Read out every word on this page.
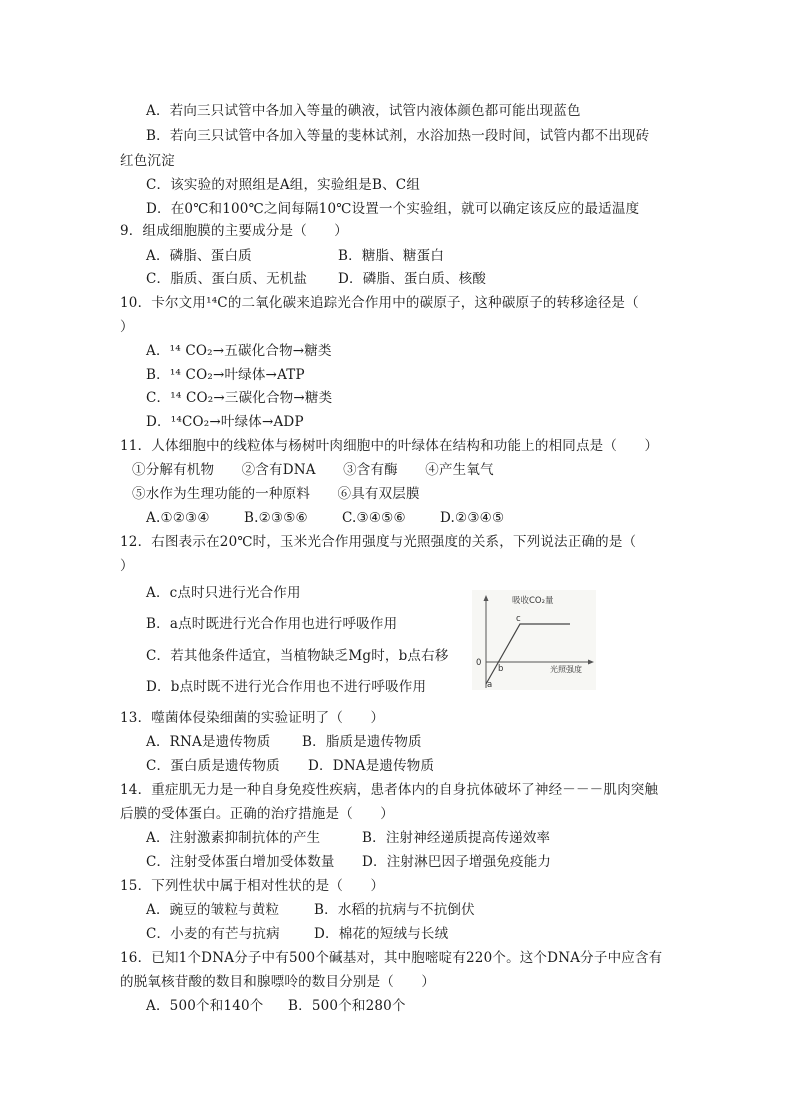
A．若向三只试管中各加入等量的碘液，试管内液体颜色都可能出现蓝色
B．若向三只试管中各加入等量的斐林试剂，水浴加热一段时间，试管内都不出现砖
红色沉淀
C．该实验的对照组是A组，实验组是B、C组
D．在0℃和100℃之间每隔10℃设置一个实验组，就可以确定该反应的最适温度
9．组成细胞膜的主要成分是（　　）
A．磷脂、蛋白质	B．糖脂、糖蛋白
C．脂质、蛋白质、无机盐 D．磷脂、蛋白质、核酸
10．卡尔文用¹⁴C的二氧化碳来追踪光合作用中的碳原子，这种碳原子的转移途径是（
）
A．¹⁴ CO₂→五碳化合物→糖类
B．¹⁴ CO₂→叶绿体→ATP
C．¹⁴ CO₂→三碳化合物→糖类
D．¹⁴CO₂→叶绿体→ADP
11．人体细胞中的线粒体与杨树叶肉细胞中的叶绿体在结构和功能上的相同点是（　　）
①分解有机物　　②含有DNA　　③含有酶　　④产生氧气
⑤水作为生理功能的一种原料　　⑥具有双层膜
A.①②③④	B.②③⑤⑥	C.③④⑤⑥	D.②③④⑤
12．右图表示在20℃时，玉米光合作用强度与光照强度的关系，下列说法正确的是（
）
A．c点时只进行光合作用
B．a点时既进行光合作用也进行呼吸作用
C．若其他条件适宜，当植物缺乏Mg时，b点右移
D．b点时既不进行光合作用也不进行呼吸作用
吸收CO₂量
光照强度
0
a
b
c
13．噬菌体侵染细菌的实验证明了（　　）
A．RNA是遗传物质 B．脂质是遗传物质
C．蛋白质是遗传物质 D．DNA是遗传物质
14．重症肌无力是一种自身免疫性疾病，患者体内的自身抗体破坏了神经－－－肌肉突触
后膜的受体蛋白。正确的治疗措施是（　　）
A．注射激素抑制抗体的产生	B．注射神经递质提高传递效率
C．注射受体蛋白增加受体数量 D．注射淋巴因子增强免疫能力
15．下列性状中属于相对性状的是（　　）
A．豌豆的皱粒与黄粒	B．水稻的抗病与不抗倒伏
C．小麦的有芒与抗病	D．棉花的短绒与长绒
16．已知1个DNA分子中有500个碱基对，其中胞嘧啶有220个。这个DNA分子中应含有
的脱氧核苷酸的数目和腺嘌呤的数目分别是（　　）
A．500个和140个 B．500个和280个
